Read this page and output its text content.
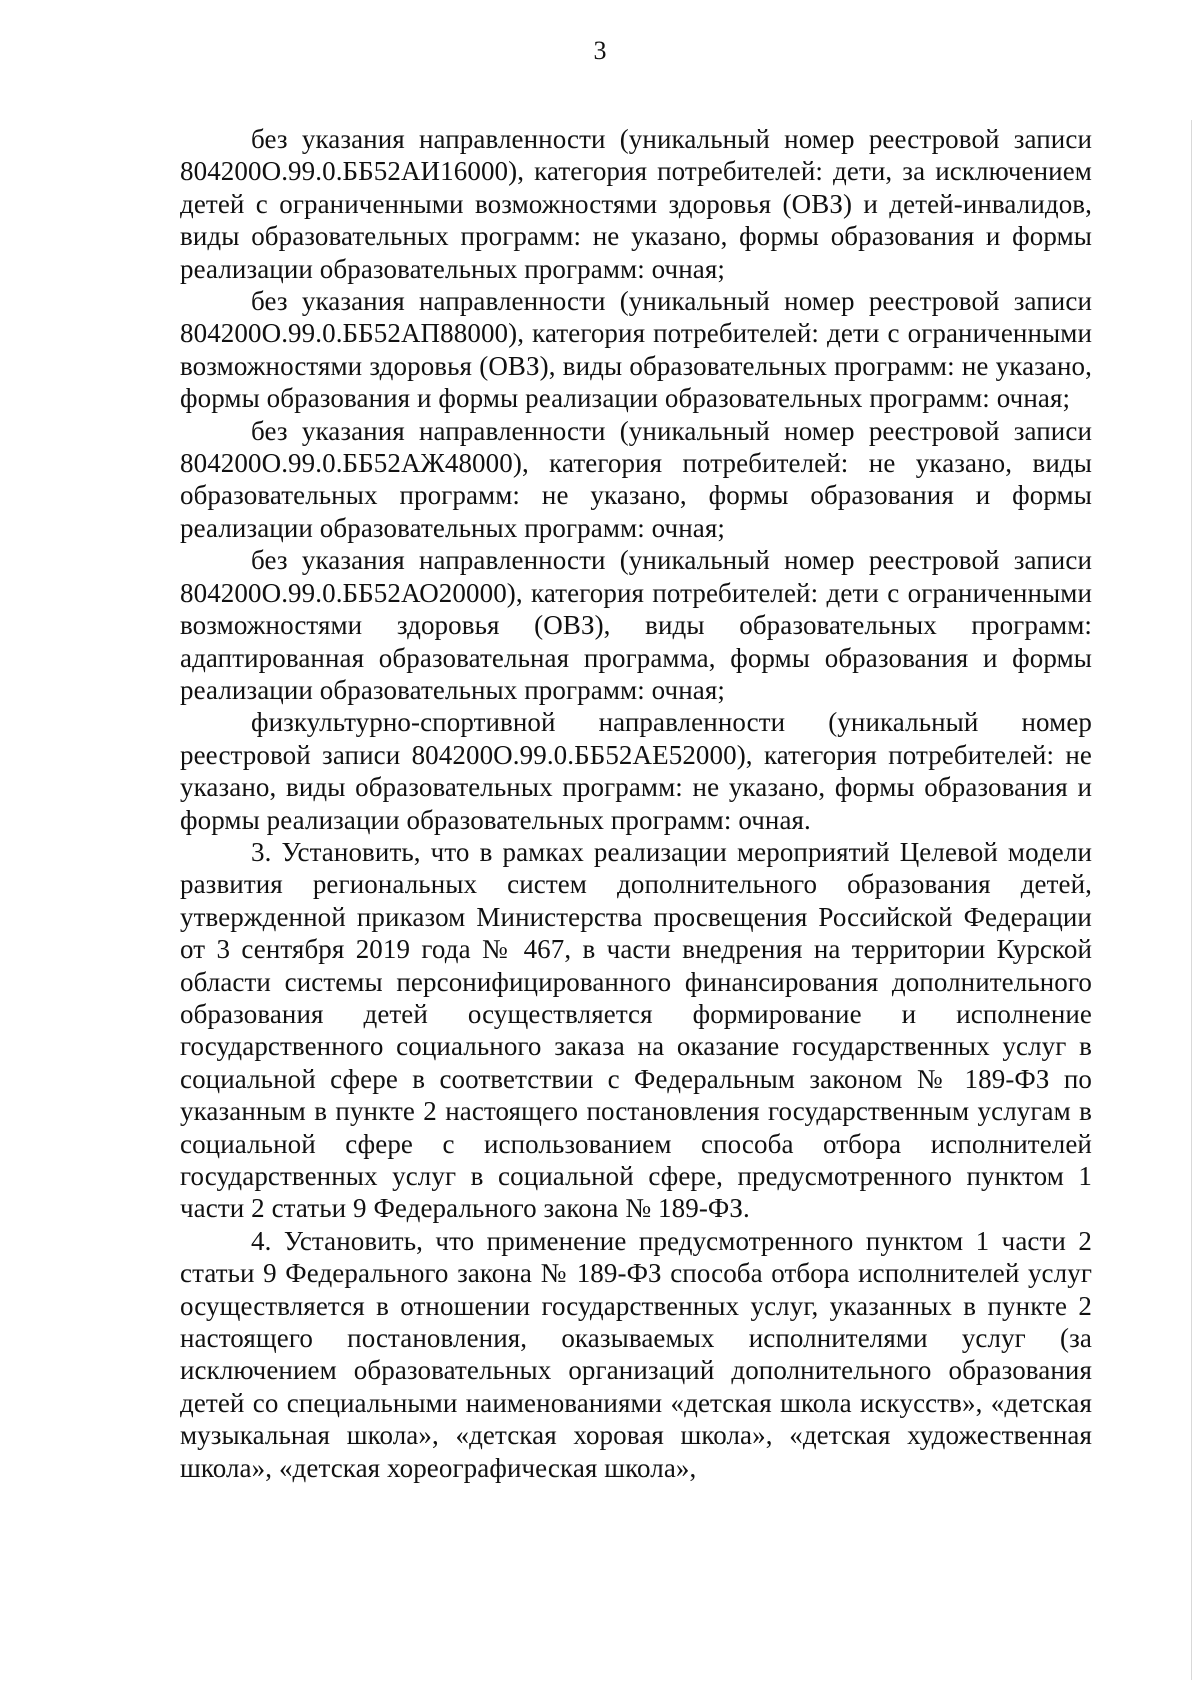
3

без указания направленности (уникальный номер реестровой записи 804200О.99.0.ББ52АИ16000), категория потребителей: дети, за исключением детей с ограниченными возможностями здоровья (ОВЗ) и детей-инвалидов, виды образовательных программ: не указано, формы образования и формы реализации образовательных программ: очная;

без указания направленности (уникальный номер реестровой записи 804200О.99.0.ББ52АП88000), категория потребителей: дети с ограниченными возможностями здоровья (ОВЗ), виды образовательных программ: не указано, формы образования и формы реализации образовательных программ: очная;

без указания направленности (уникальный номер реестровой записи 804200О.99.0.ББ52АЖ48000), категория потребителей: не указано, виды образовательных программ: не указано, формы образования и формы реализации образовательных программ: очная;

без указания направленности (уникальный номер реестровой записи 804200О.99.0.ББ52АО20000), категория потребителей: дети с ограниченными возможностями здоровья (ОВЗ), виды образовательных программ: адаптированная образовательная программа, формы образования и формы реализации образовательных программ: очная;

физкультурно-спортивной направленности (уникальный номер реестровой записи 804200О.99.0.ББ52АЕ52000), категория потребителей: не указано, виды образовательных программ: не указано, формы образования и формы реализации образовательных программ: очная.

3. Установить, что в рамках реализации мероприятий Целевой модели развития региональных систем дополнительного образования детей, утвержденной приказом Министерства просвещения Российской Федерации от 3 сентября 2019 года № 467, в части внедрения на территории Курской области системы персонифицированного финансирования дополнительного образования детей осуществляется формирование и исполнение государственного социального заказа на оказание государственных услуг в социальной сфере в соответствии с Федеральным законом № 189-ФЗ по указанным в пункте 2 настоящего постановления государственным услугам в социальной сфере с использованием способа отбора исполнителей государственных услуг в социальной сфере, предусмотренного пунктом 1 части 2 статьи 9 Федерального закона № 189-ФЗ.

4. Установить, что применение предусмотренного пунктом 1 части 2 статьи 9 Федерального закона № 189-ФЗ способа отбора исполнителей услуг осуществляется в отношении государственных услуг, указанных в пункте 2 настоящего постановления, оказываемых исполнителями услуг (за исключением образовательных организаций дополнительного образования детей со специальными наименованиями «детская школа искусств», «детская музыкальная школа», «детская хоровая школа», «детская художественная школа», «детская хореографическая школа»,
